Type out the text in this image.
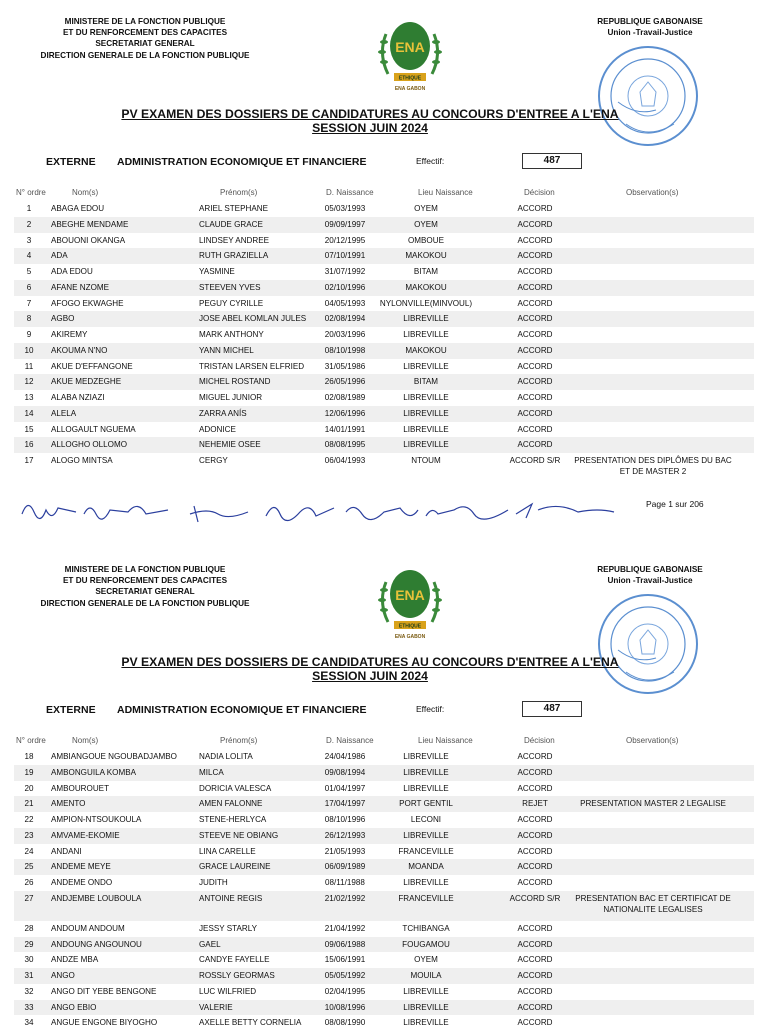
MINISTERE DE LA FONCTION PUBLIQUE
ET DU RENFORCEMENT DES CAPACITES
SECRETARIAT GENERAL
DIRECTION GENERALE DE LA FONCTION PUBLIQUE
ENA
ETHIQUE
ENA GABON
REPUBLIQUE GABONAISE
Union -Travail-Justice
PV EXAMEN DES DOSSIERS DE CANDIDATURES AU CONCOURS D'ENTREE A L'ENA
SESSION JUIN 2024
EXTERNE ADMINISTRATION ECONOMIQUE ET FINANCIERE	Effectif:	487
N° ordre	Nom(s)	Prénom(s)	D. Naissance	Lieu Naissance	Décision	Observation(s)
1	ABAGA EDOU	ARIEL STEPHANE	05/03/1993	OYEM	ACCORD
2	ABEGHE MENDAME	CLAUDE GRACE	09/09/1997	OYEM	ACCORD
3	ABOUONI OKANGA	LINDSEY ANDREE	20/12/1995	OMBOUE	ACCORD
4	ADA	RUTH GRAZIELLA	07/10/1991	MAKOKOU	ACCORD
5	ADA EDOU	YASMINE	31/07/1992	BITAM	ACCORD
6	AFANE NZOME	STEEVEN YVES	02/10/1996	MAKOKOU	ACCORD
7	AFOGO EKWAGHE	PEGUY CYRILLE	04/05/1993	NYLONVILLE(MINVOUL)	ACCORD
8	AGBO	JOSE ABEL KOMLAN JULES	02/08/1994	LIBREVILLE	ACCORD
9	AKIREMY	MARK ANTHONY	20/03/1996	LIBREVILLE	ACCORD
10	AKOUMA N'NO	YANN MICHEL	08/10/1998	MAKOKOU	ACCORD
11	AKUE D'EFFANGONE	TRISTAN LARSEN ELFRIED	31/05/1986	LIBREVILLE	ACCORD
12	AKUE MEDZEGHE	MICHEL ROSTAND	26/05/1996	BITAM	ACCORD
13	ALABA NZIAZI	MIGUEL JUNIOR	02/08/1989	LIBREVILLE	ACCORD
14	ALELA	ZARRA ANÍS	12/06/1996	LIBREVILLE	ACCORD
15	ALLOGAULT NGUEMA	ADONICE	14/01/1991	LIBREVILLE	ACCORD
16	ALLOGHO OLLOMO	NEHEMIE OSEE	08/08/1995	LIBREVILLE	ACCORD
17	ALOGO MINTSA	CERGY	06/04/1993	NTOUM	ACCORD S/R	PRESENTATION DES DIPLÔMES DU BAC ET DE MASTER 2
Page 1 sur 206
MINISTERE DE LA FONCTION PUBLIQUE
ET DU RENFORCEMENT DES CAPACITES
SECRETARIAT GENERAL
DIRECTION GENERALE DE LA FONCTION PUBLIQUE
ENA
ETHIQUE
ENA GABON
REPUBLIQUE GABONAISE
Union -Travail-Justice
PV EXAMEN DES DOSSIERS DE CANDIDATURES AU CONCOURS D'ENTREE A L'ENA
SESSION JUIN 2024
EXTERNE ADMINISTRATION ECONOMIQUE ET FINANCIERE	Effectif:	487
N° ordre	Nom(s)	Prénom(s)	D. Naissance	Lieu Naissance	Décision	Observation(s)
18	AMBIANGOUE NGOUBADJAMBO	NADIA LOLITA	24/04/1986	LIBREVILLE	ACCORD
19	AMBONGUILA KOMBA	MILCA	09/08/1994	LIBREVILLE	ACCORD
20	AMBOUROUET	DORICIA VALESCA	01/04/1997	LIBREVILLE	ACCORD
21	AMENTO	AMEN FALONNE	17/04/1997	PORT GENTIL	REJET	PRESENTATION MASTER 2 LEGALISE
22	AMPION-NTSOUKOULA	STENE-HERLYCA	08/10/1996	LECONI	ACCORD
23	AMVAME-EKOMIE	STEEVE NE OBIANG	26/12/1993	LIBREVILLE	ACCORD
24	ANDANI	LINA CARELLE	21/05/1993	FRANCEVILLE	ACCORD
25	ANDEME MEYE	GRACE LAUREINE	06/09/1989	MOANDA	ACCORD
26	ANDEME ONDO	JUDITH	08/11/1988	LIBREVILLE	ACCORD
27	ANDJEMBE LOUBOULA	ANTOINE REGIS	21/02/1992	FRANCEVILLE	ACCORD S/R	PRESENTATION BAC ET CERTIFICAT DE NATIONALITE LEGALISES
28	ANDOUM ANDOUM	JESSY STARLY	21/04/1992	TCHIBANGA	ACCORD
29	ANDOUNG ANGOUNOU	GAEL	09/06/1988	FOUGAMOU	ACCORD
30	ANDZE MBA	CANDYE FAYELLE	15/06/1991	OYEM	ACCORD
31	ANGO	ROSSLY GEORMAS	05/05/1992	MOUILA	ACCORD
32	ANGO DIT YEBE BENGONE	LUC WILFRIED	02/04/1995	LIBREVILLE	ACCORD
33	ANGO EBIO	VALERIE	10/08/1996	LIBREVILLE	ACCORD
34	ANGUE ENGONE BIYOGHO	AXELLE BETTY CORNELIA	08/08/1990	LIBREVILLE	ACCORD
